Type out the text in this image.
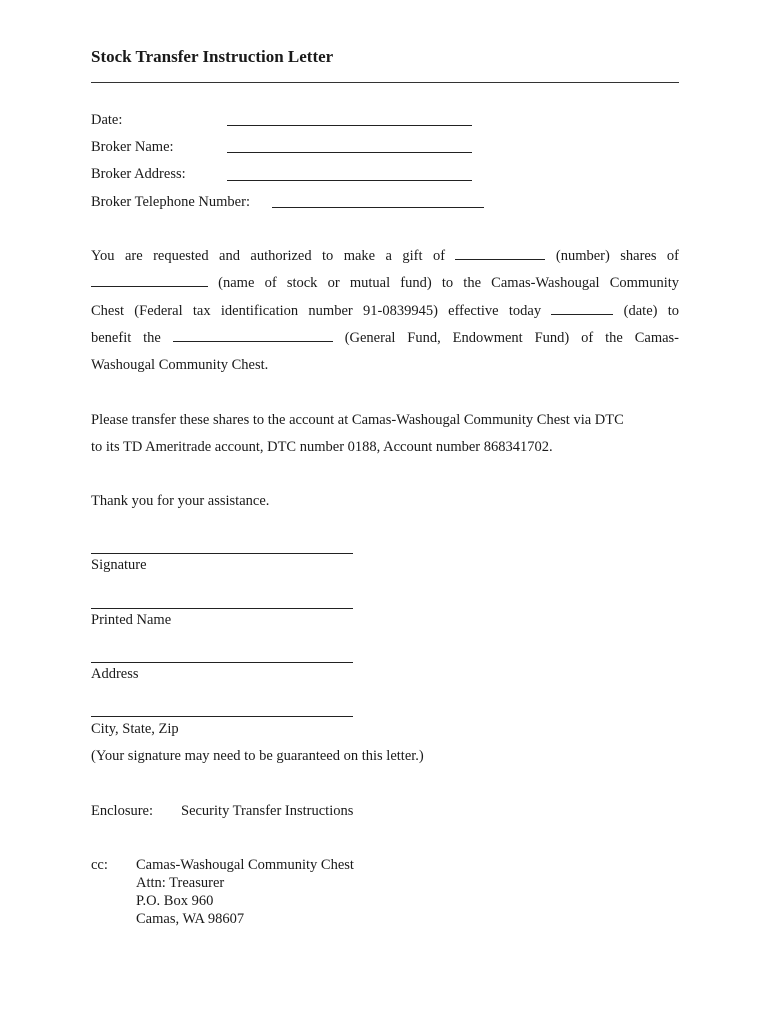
Stock Transfer Instruction Letter
Date:
Broker Name:
Broker Address:
Broker Telephone Number:
You are requested and authorized to make a gift of	(number) shares of
(name of stock or mutual fund) to the Camas-Washougal Community
Chest (Federal tax identification number 91-0839945) effective today	(date) to
benefit the	(General Fund, Endowment Fund) of the Camas-
Washougal Community Chest.
Please transfer these shares to the account at Camas-Washougal Community Chest via DTC
to its TD Ameritrade account, DTC number 0188, Account number 868341702.
Thank you for your assistance.
Signature
Printed Name
Address
City, State, Zip
(Your signature may need to be guaranteed on this letter.)
Enclosure: Security Transfer Instructions
cc: Camas-Washougal Community Chest
Attn: Treasurer
P.O. Box 960
Camas, WA 98607
